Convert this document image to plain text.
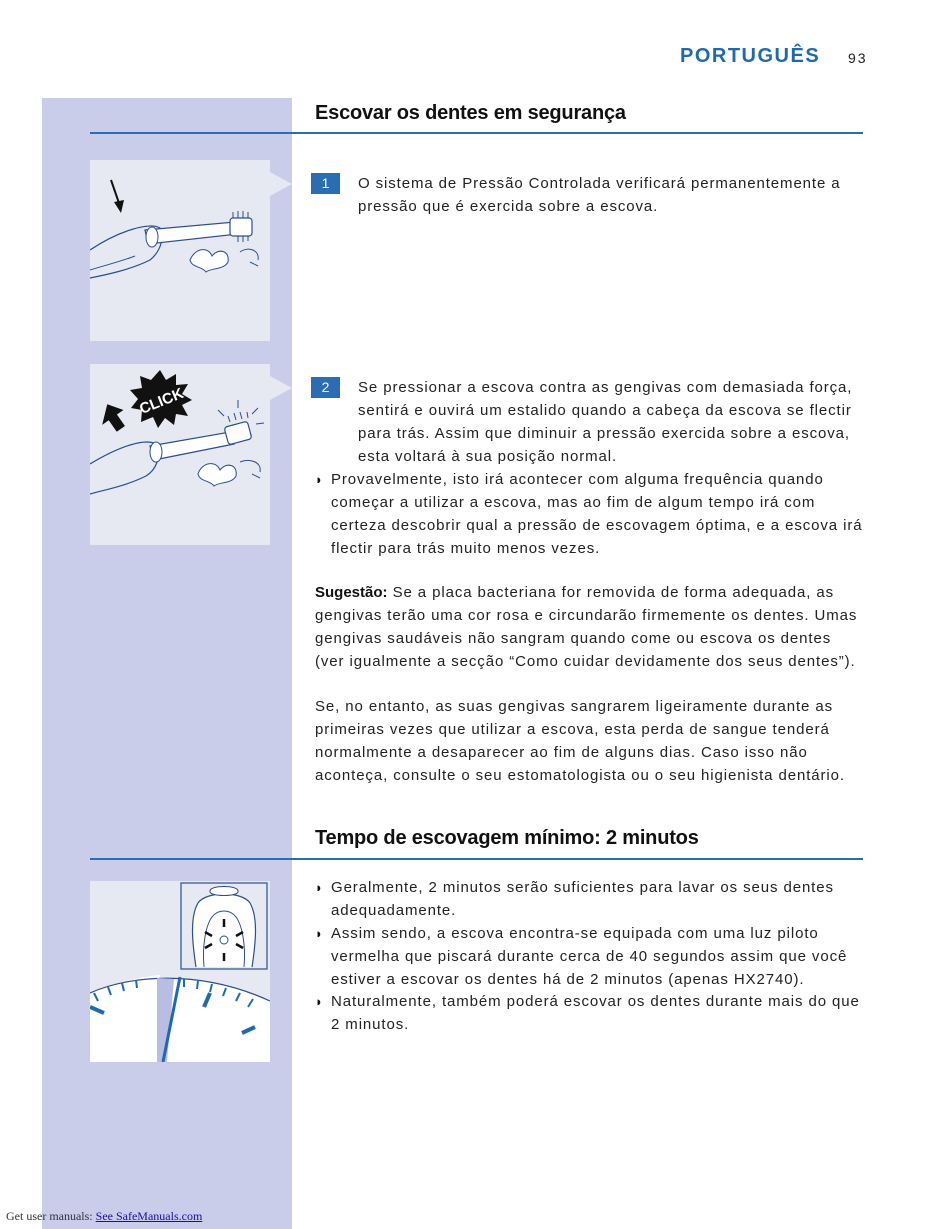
PORTUGUÊS 93
Escovar os dentes em segurança
1	O sistema de Pressão Controlada verificará permanentemente a pressão que é exercida sobre a escova.
CLICK	2	Se pressionar a escova contra as gengivas com demasiada força, sentirá e ouvirá um estalido quando a cabeça da escova se flectir para trás. Assim que diminuir a pressão exercida sobre a escova, esta voltará à sua posição normal.
◗ Provavelmente, isto irá acontecer com alguma frequência quando começar a utilizar a escova, mas ao fim de algum tempo irá com certeza descobrir qual a pressão de escovagem óptima, e a escova irá flectir para trás muito menos vezes.
Sugestão: Se a placa bacteriana for removida de forma adequada, as gengivas terão uma cor rosa e circundarão firmemente os dentes. Umas gengivas saudáveis não sangram quando come ou escova os dentes (ver igualmente a secção “Como cuidar devidamente dos seus dentes”).
Se, no entanto, as suas gengivas sangrarem ligeiramente durante as primeiras vezes que utilizar a escova, esta perda de sangue tenderá normalmente a desaparecer ao fim de alguns dias. Caso isso não aconteça, consulte o seu estomatologista ou o seu higienista dentário.
Tempo de escovagem mínimo: 2 minutos
◗ Geralmente, 2 minutos serão suficientes para lavar os seus dentes adequadamente.
◗ Assim sendo, a escova encontra-se equipada com uma luz piloto vermelha que piscará durante cerca de 40 segundos assim que você estiver a escovar os dentes há de 2 minutos (apenas HX2740).
◗ Naturalmente, também poderá escovar os dentes durante mais do que 2 minutos.
Get user manuals: See SafeManuals.com
